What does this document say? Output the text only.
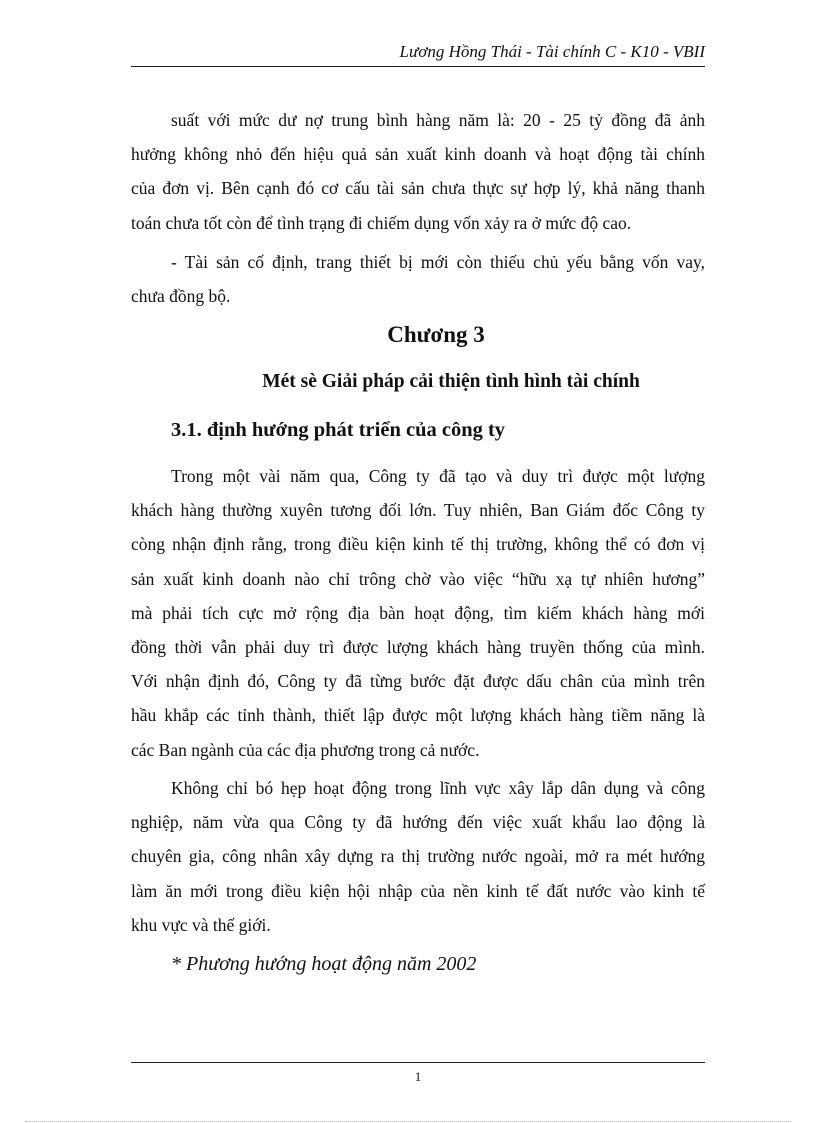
Lương Hồng Thái - Tài chính C - K10 - VBII

suất với mức dư nợ trung bình hàng năm là: 20 - 25 tỷ đồng đã ảnh
hưởng không nhỏ đến hiệu quả sản xuất kinh doanh và hoạt động tài chính
của đơn vị. Bên cạnh đó cơ cấu tài sản chưa thực sự hợp lý, khả năng thanh
toán chưa tốt còn để tình trạng đi chiếm dụng vốn xảy ra ở mức độ cao.

- Tài sản cố định, trang thiết bị mới còn thiếu chủ yếu bằng vốn vay,
chưa đồng bộ.

Chương 3
Mét sè Giải pháp cải thiện tình hình tài chính
3.1. định hướng phát triển của công ty

Trong một vài năm qua, Công ty đã tạo và duy trì được một lượng
khách hàng thường xuyên tương đối lớn. Tuy nhiên, Ban Giám đốc Công ty
còng nhận định rằng, trong điều kiện kinh tế thị trường, không thể có đơn vị
sản xuất kinh doanh nào chỉ trông chờ vào việc “hữu xạ tự nhiên hương”
mà phải tích cực mở rộng địa bàn hoạt động, tìm kiếm khách hàng mới
đồng thời vẫn phải duy trì được lượng khách hàng truyền thống của mình.
Với nhận định đó, Công ty đã từng bước đặt được dấu chân của mình trên
hầu khắp các tỉnh thành, thiết lập được một lượng khách hàng tiềm năng là
các Ban ngành của các địa phương trong cả nước.

Không chỉ bó hẹp hoạt động trong lĩnh vực xây lắp dân dụng và công
nghiệp, năm vừa qua Công ty đã hướng đến việc xuất khẩu lao động là
chuyên gia, công nhân xây dựng ra thị trường nước ngoài, mở ra mét hướng
làm ăn mới trong điều kiện hội nhập của nền kinh tế đất nước vào kinh tế
khu vực và thế giới.

* Phương hướng hoạt động năm 2002

1
